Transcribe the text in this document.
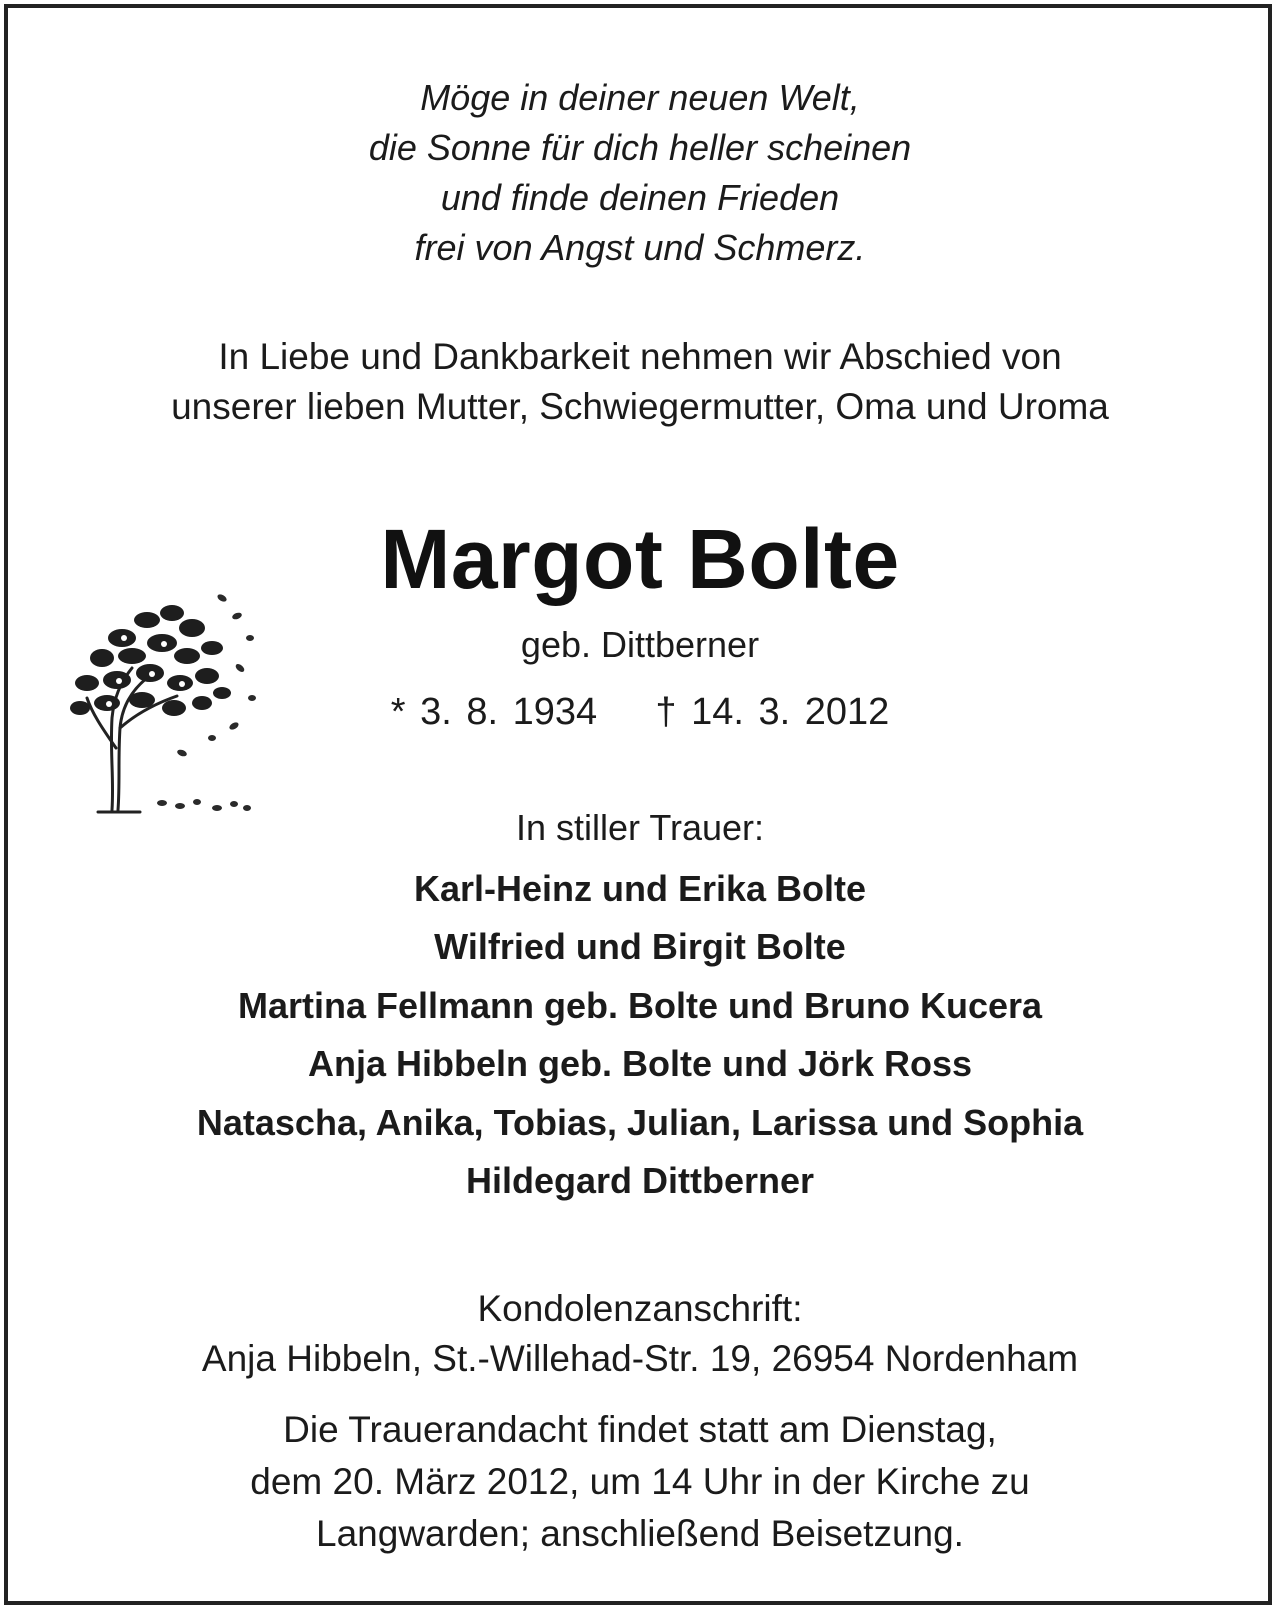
Möge in deiner neuen Welt,
die Sonne für dich heller scheinen
und finde deinen Frieden
frei von Angst und Schmerz.
In Liebe und Dankbarkeit nehmen wir Abschied von
unserer lieben Mutter, Schwiegermutter, Oma und Uroma
Margot Bolte
geb. Dittberner
* 3. 8. 1934 † 14. 3. 2012
In stiller Trauer:
Karl-Heinz und Erika Bolte
Wilfried und Birgit Bolte
Martina Fellmann geb. Bolte und Bruno Kucera
Anja Hibbeln geb. Bolte und Jörk Ross
Natascha, Anika, Tobias, Julian, Larissa und Sophia
Hildegard Dittberner
Kondolenzanschrift:
Anja Hibbeln, St.-Willehad-Str. 19, 26954 Nordenham
Die Trauerandacht findet statt am Dienstag,
dem 20. März 2012, um 14 Uhr in der Kirche zu
Langwarden; anschließend Beisetzung.
